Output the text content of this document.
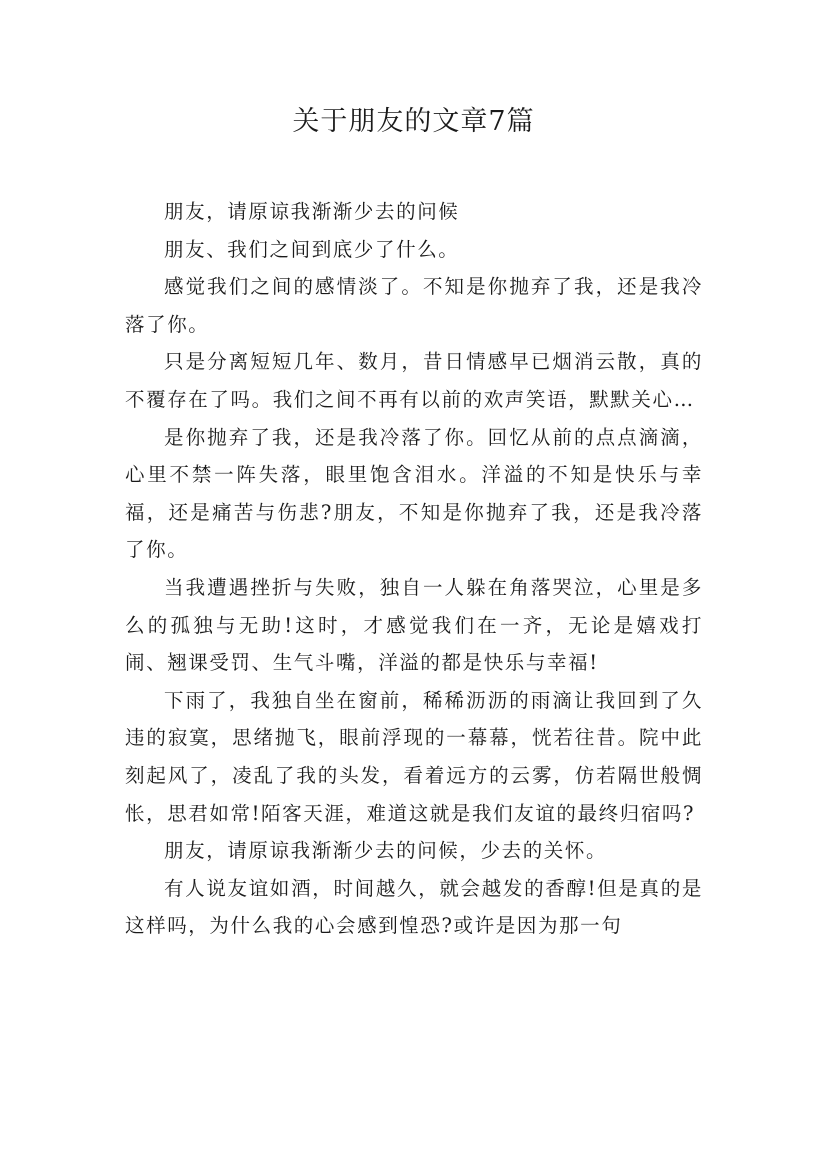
关于朋友的文章7篇

朋友，请原谅我渐渐少去的问候

朋友、我们之间到底少了什么。

感觉我们之间的感情淡了。不知是你抛弃了我，还是我冷落了你。

只是分离短短几年、数月，昔日情感早已烟消云散，真的不覆存在了吗。我们之间不再有以前的欢声笑语，默默关心…

是你抛弃了我，还是我冷落了你。回忆从前的点点滴滴，心里不禁一阵失落，眼里饱含泪水。洋溢的不知是快乐与幸福，还是痛苦与伤悲?朋友，不知是你抛弃了我，还是我冷落了你。

当我遭遇挫折与失败，独自一人躲在角落哭泣，心里是多么的孤独与无助!这时，才感觉我们在一齐，无论是嬉戏打闹、翘课受罚、生气斗嘴，洋溢的都是快乐与幸福!

下雨了，我独自坐在窗前，稀稀沥沥的雨滴让我回到了久违的寂寞，思绪抛飞，眼前浮现的一幕幕，恍若往昔。院中此刻起风了，凌乱了我的头发，看着远方的云雾，仿若隔世般惆怅，思君如常!陌客天涯，难道这就是我们友谊的最终归宿吗?

朋友，请原谅我渐渐少去的问候，少去的关怀。

有人说友谊如酒，时间越久，就会越发的香醇!但是真的是这样吗，为什么我的心会感到惶恐?或许是因为那一句
